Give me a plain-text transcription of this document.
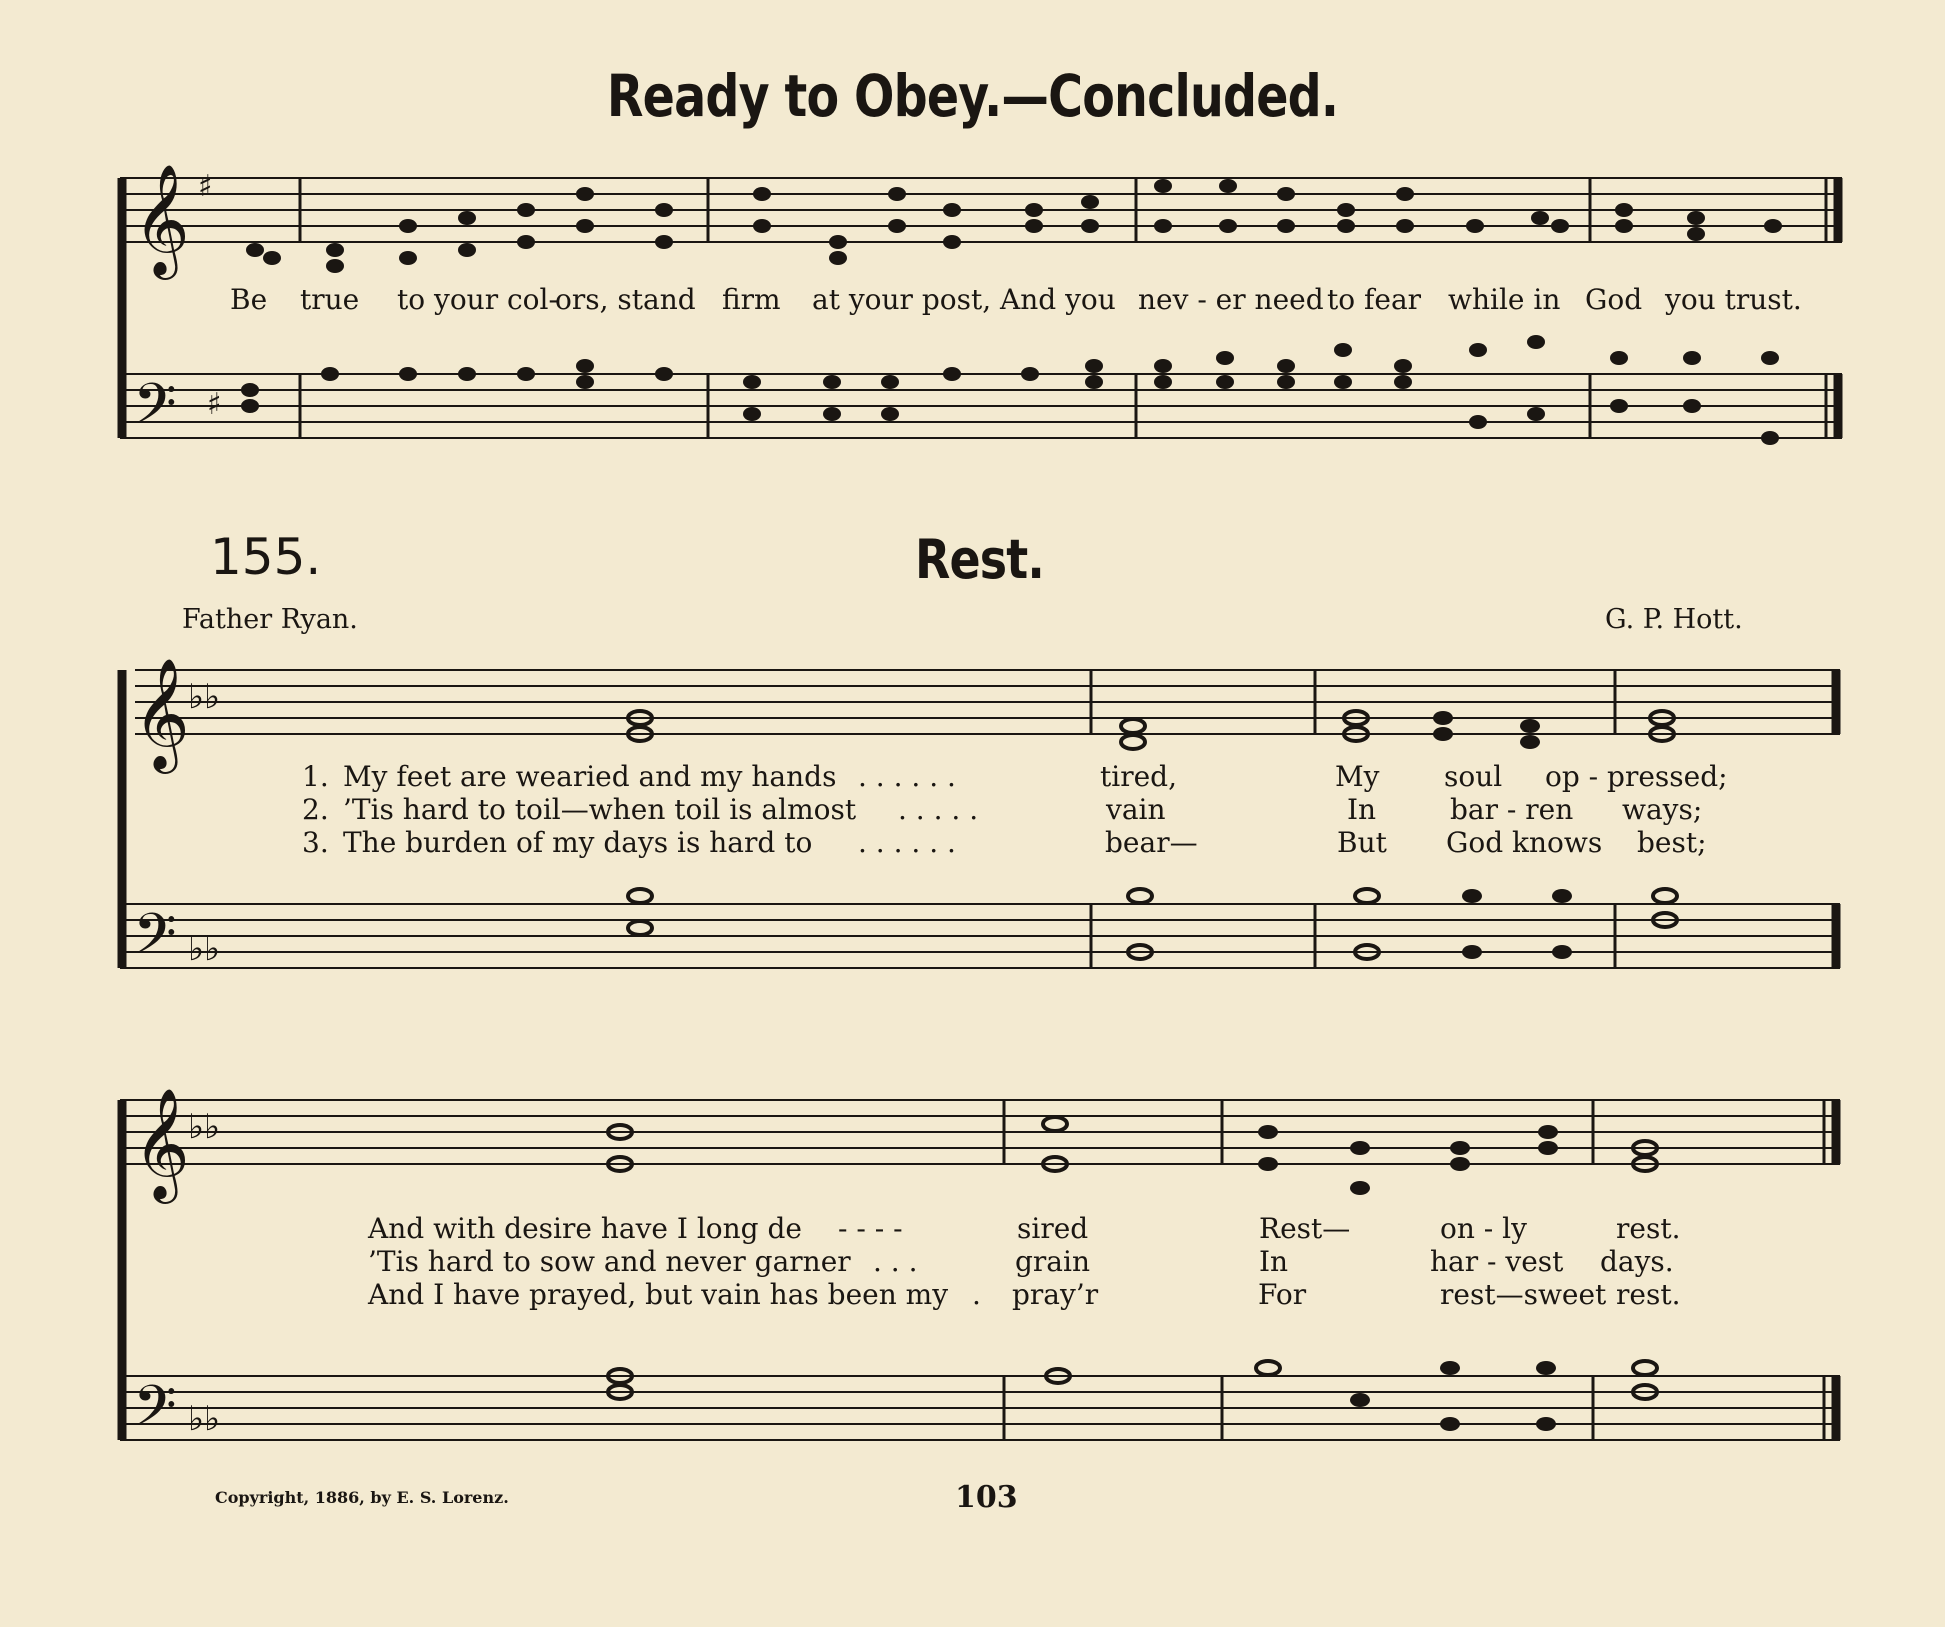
Ready to Obey.—Concluded.
155.	Rest.
Father Ryan.	G. P. Hott.
Be true to your col-
ors, stand firm at your post, And you nev - er need to fear while in God you trust.
1. My feet are wearied and my hands . . . . . .	tired,	My soul op - pressed;
2. ’Tis hard to toil—when toil is almost . . . . .	vain	In	bar - ren ways;
3. The burden of my days is hard to . . . . . .	bear—	But God knows best;
And with desire have I long de - - - -	sired	Rest—	on - ly	rest.
’Tis hard to sow and never garner . . .	grain	In	har - vest days.
And I have prayed, but vain has been my . pray’r	For	rest—sweet rest.
Copyright, 1886, by E. S. Lorenz.	103
𝄞
𝄢
♯
♯
𝄞
𝄢
♭♭
♭♭
𝄞
𝄢
♭♭
♭♭
